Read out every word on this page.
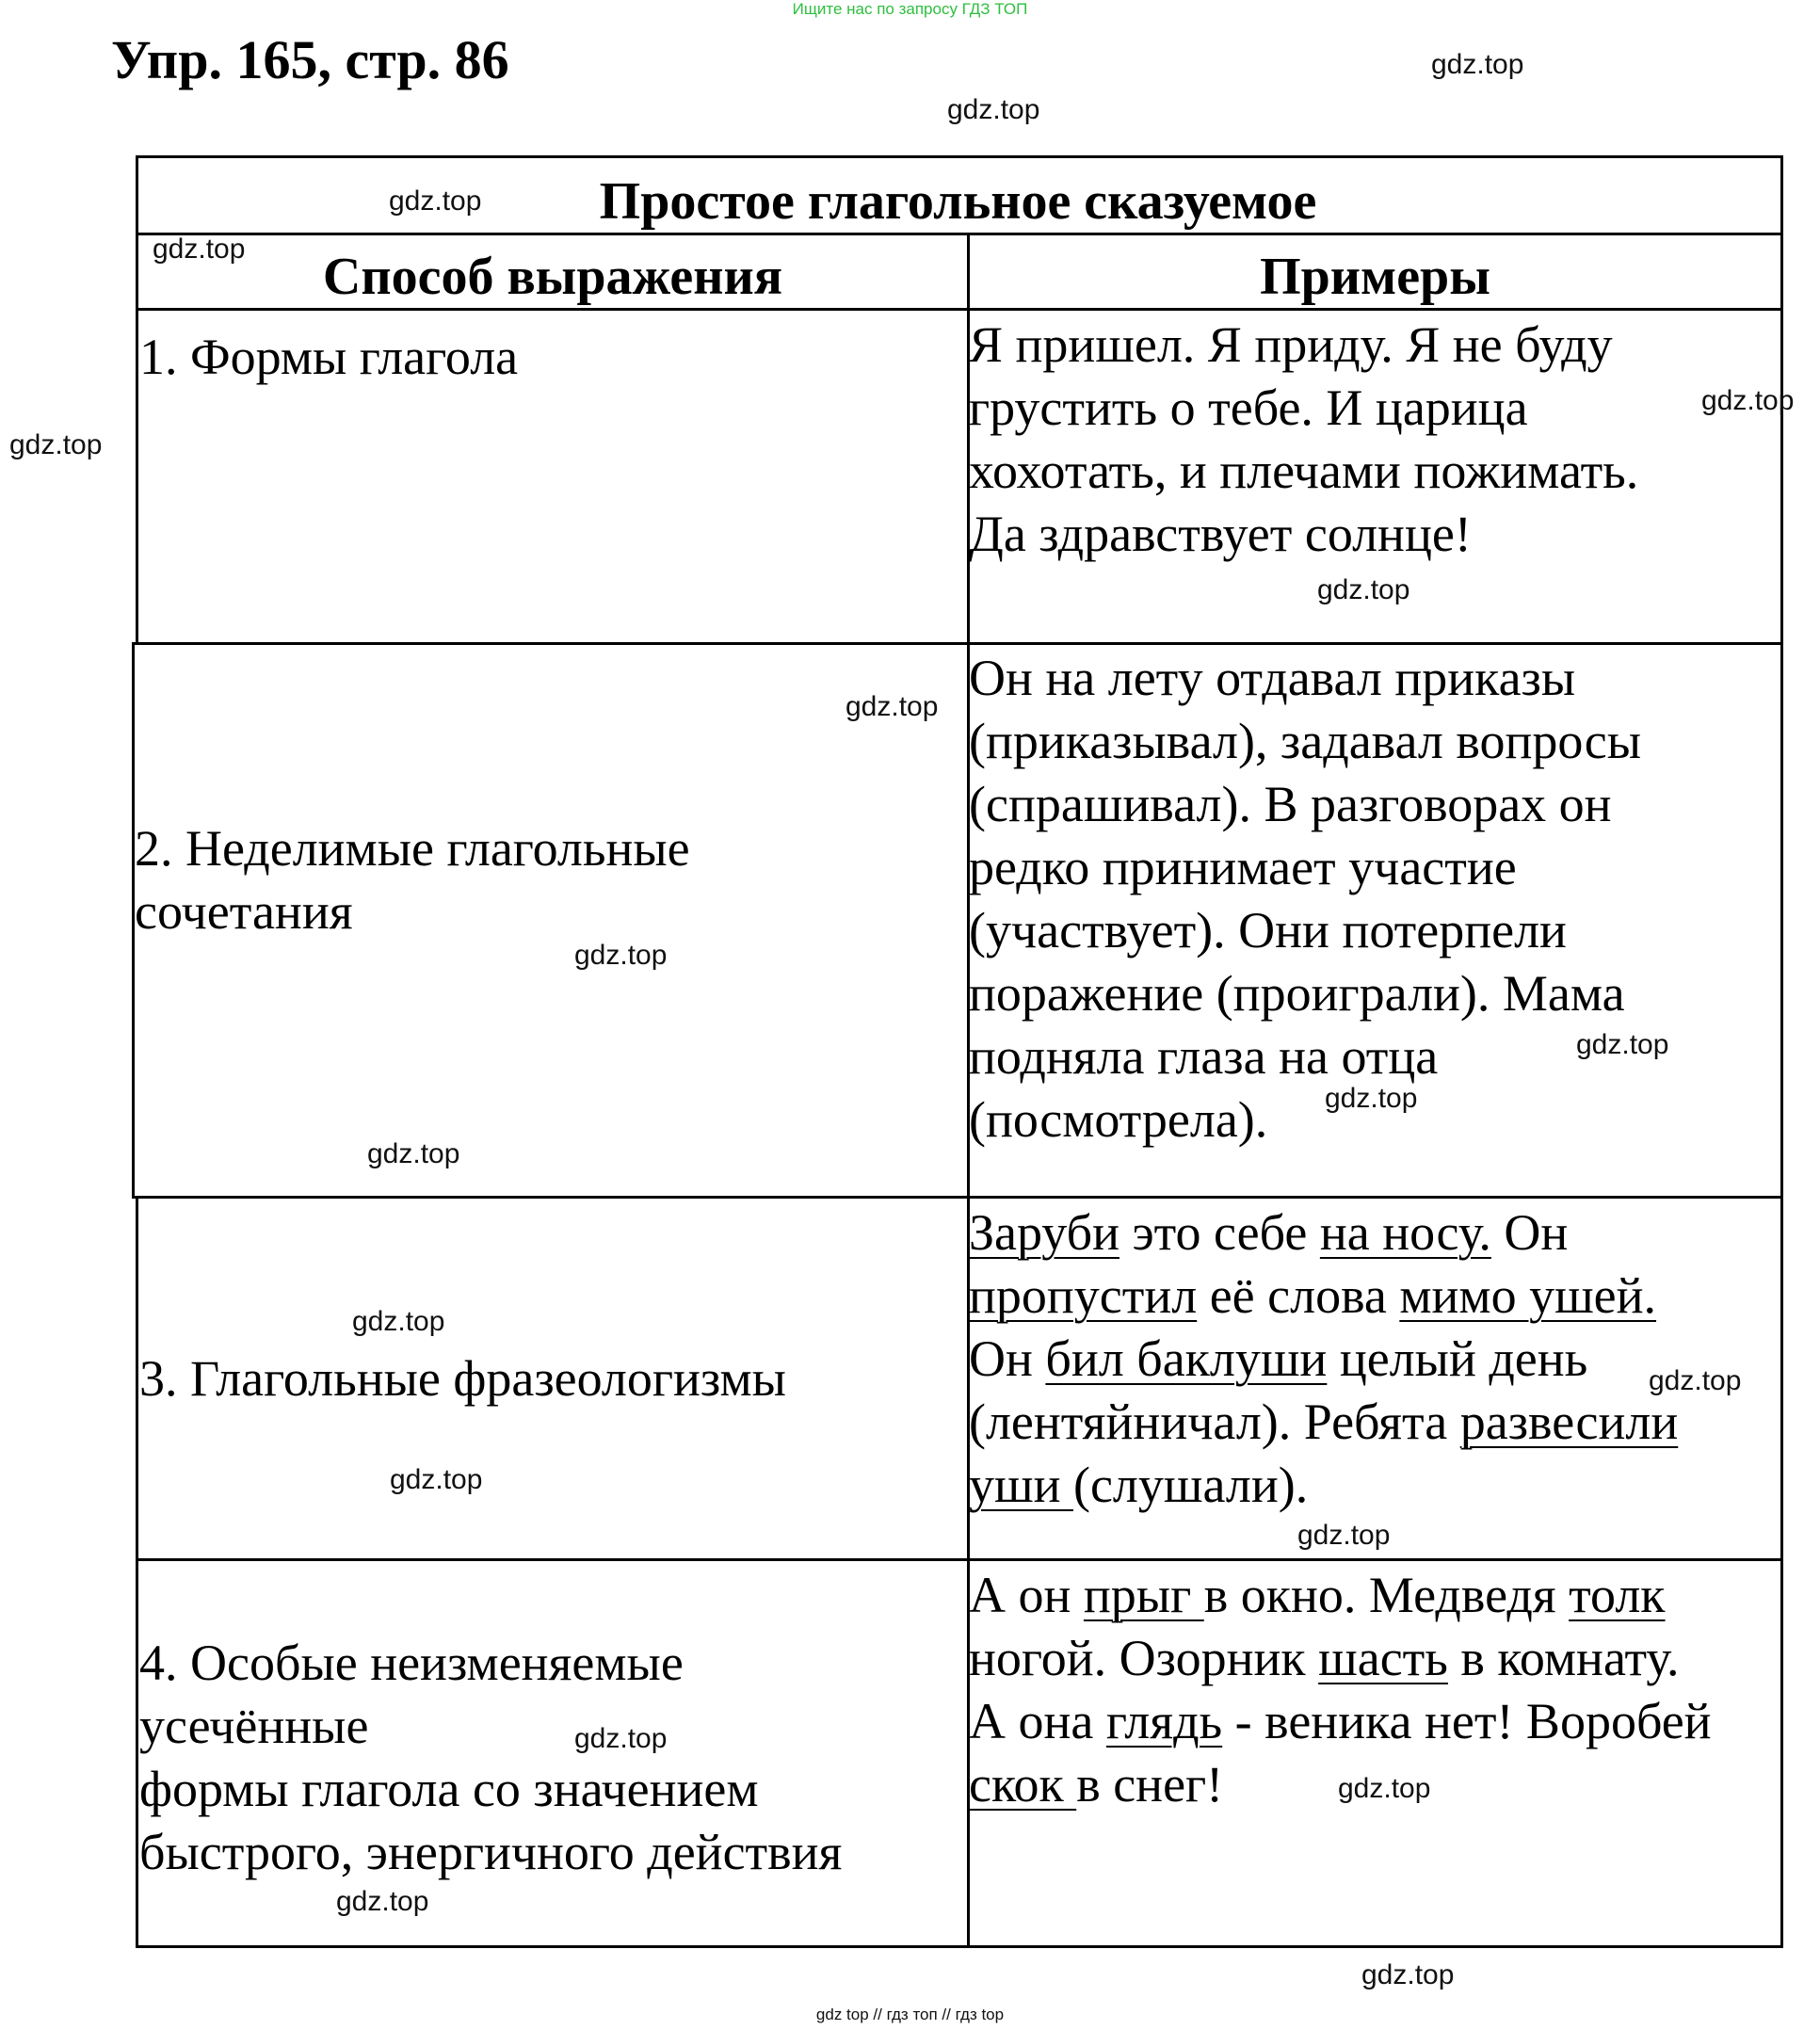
Ищите нас по запросу ГДЗ ТОП
Упр. 165, стр. 86
Простое глагольное сказуемое
Способ выражения	Примеры
1. Формы глагола	Я пришел. Я приду. Я не буду
грустить о тебе. И царица
хохотать, и плечами пожимать.
Да здравствует солнце!
2. Неделимые глагольные
сочетания
Он на лету отдавал приказы
(приказывал), задавал вопросы
(спрашивал). В разговорах он
редко принимает участие
(участвует). Они потерпели
поражение (проиграли). Мама
подняла глаза на отца
(посмотрела).
3. Глагольные фразеологизмы
Заруби это себе на носу. Он
пропустил её слова мимо ушей.
Он бил баклуши целый день
(лентяйничал). Ребята развесили
уши (слушали).
4. Особые неизменяемые
усечённые
формы глагола со значением
быстрого, энергичного действия
А он прыг в окно. Медведя толк
ногой. Озорник шасть в комнату.
А она глядь - веника нет! Воробей
скок в снег!
gdz.top
gdz.top
gdz.top
gdz.top
gdz.top
gdz.top
gdz.top
gdz.top
gdz.top
gdz.top
gdz.top
gdz.top
gdz.top
gdz.top
gdz.top
gdz.top
gdz.top
gdz.top
gdz.top
gdz.top
gdz top // гдз топ // гдз top
